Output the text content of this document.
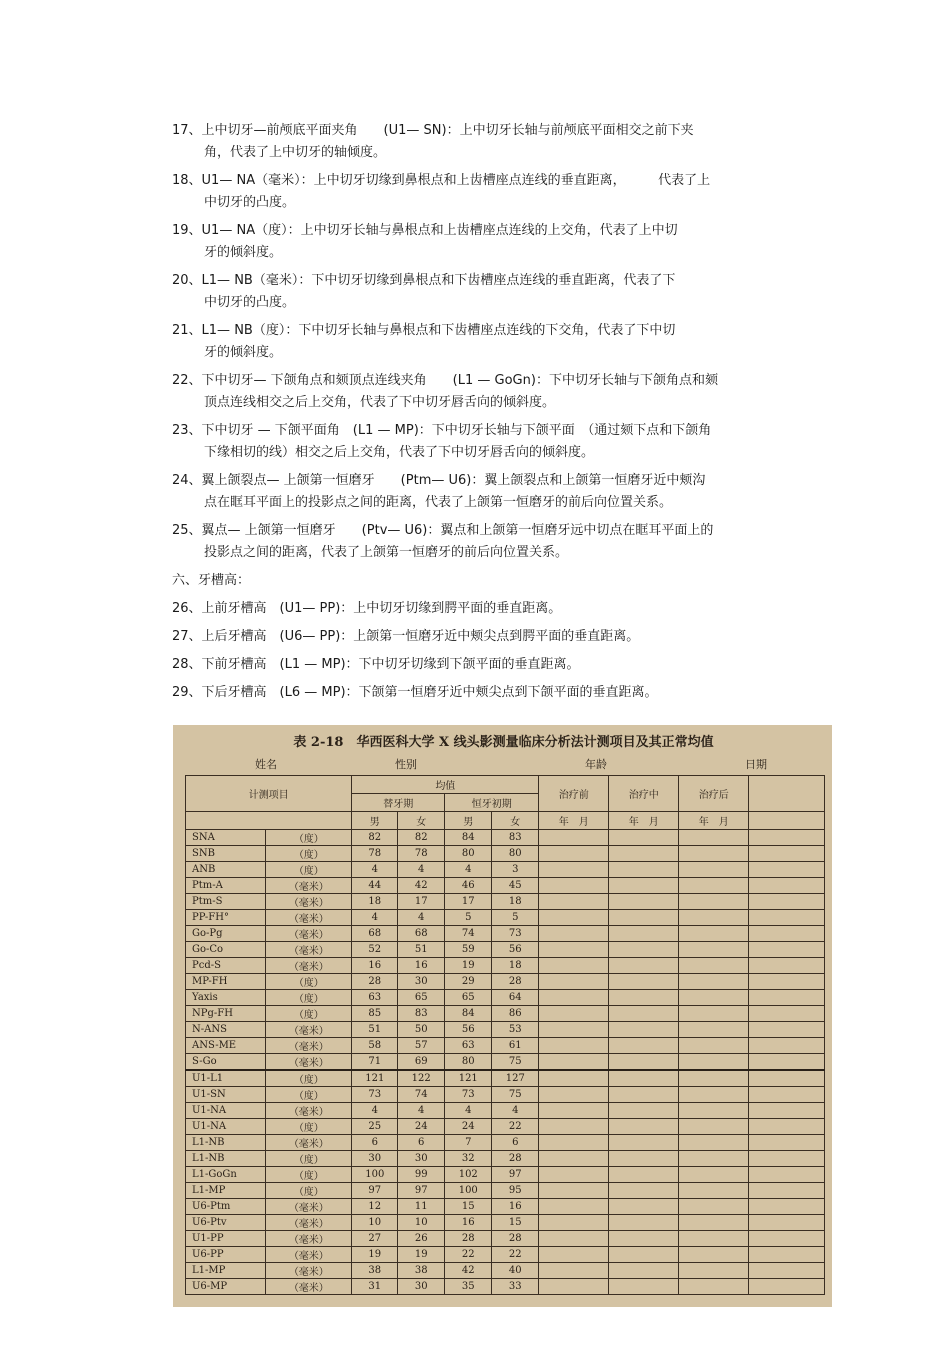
17、上中切牙—前颅底平面夹角　　(U1— SN)：上中切牙长轴与前颅底平面相交之前下夹
角，代表了上中切牙的轴倾度。
18、U1— NA（毫米）：上中切牙切缘到鼻根点和上齿槽座点连线的垂直距离，　　　代表了上
中切牙的凸度。
19、U1— NA（度）：上中切牙长轴与鼻根点和上齿槽座点连线的上交角，代表了上中切
牙的倾斜度。
20、L1— NB（毫米）：下中切牙切缘到鼻根点和下齿槽座点连线的垂直距离，代表了下
中切牙的凸度。
21、L1— NB（度）：下中切牙长轴与鼻根点和下齿槽座点连线的下交角，代表了下中切
牙的倾斜度。
22、下中切牙— 下颌角点和颏顶点连线夹角　　(L1 — GoGn)：下中切牙长轴与下颌角点和颏
顶点连线相交之后上交角，代表了下中切牙唇舌向的倾斜度。
23、下中切牙 — 下颌平面角　(L1 — MP)：下中切牙长轴与下颌平面　（通过颏下点和下颌角
下缘相切的线）相交之后上交角，代表了下中切牙唇舌向的倾斜度。
24、翼上颌裂点— 上颌第一恒磨牙　　(Ptm— U6)：翼上颌裂点和上颌第一恒磨牙近中颊沟
点在眶耳平面上的投影点之间的距离，代表了上颌第一恒磨牙的前后向位置关系。
25、翼点— 上颌第一恒磨牙　　(Ptv— U6)：翼点和上颌第一恒磨牙远中切点在眶耳平面上的
投影点之间的距离，代表了上颌第一恒磨牙的前后向位置关系。
六、牙槽高：
26、上前牙槽高　(U1— PP)：上中切牙切缘到腭平面的垂直距离。
27、上后牙槽高　(U6— PP)：上颌第一恒磨牙近中颊尖点到腭平面的垂直距离。
28、下前牙槽高　(L1 — MP)：下中切牙切缘到下颌平面的垂直距离。
29、下后牙槽高　(L6 — MP)：下颌第一恒磨牙近中颊尖点到下颌平面的垂直距离。
表 2-18　华西医科大学 X 线头影测量临床分析法计测项目及其正常均值
姓名	性别	年龄	日期
计测项目		均值				治疗前	治疗中	治疗后	
		替牙期		恒牙初期					
		男	女	男	女	年　月	年　月	年　月	
SNA	（度）	82	82	84	83				
SNB	（度）	78	78	80	80				
ANB	（度）	4	4	4	3				
Ptm-A	（毫米）	44	42	46	45				
Ptm-S	（毫米）	18	17	17	18				
PP-FH°	（毫米）	4	4	5	5				
Go-Pg	（毫米）	68	68	74	73				
Go-Co	（毫米）	52	51	59	56				
Pcd-S	（毫米）	16	16	19	18				
MP-FH	（度）	28	30	29	28				
Yaxis	（度）	63	65	65	64				
NPg-FH	（度）	85	83	84	86				
N-ANS	（毫米）	51	50	56	53				
ANS-ME	（毫米）	58	57	63	61				
S-Go	（毫米）	71	69	80	75				
U1-L1	（度）	121	122	121	127				
U1-SN	（度）	73	74	73	75				
U1-NA	（毫米）	4	4	4	4				
U1-NA	（度）	25	24	24	22				
L1-NB	（毫米）	6	6	7	6				
L1-NB	（度）	30	30	32	28				
L1-GoGn	（度）	100	99	102	97				
L1-MP	（度）	97	97	100	95				
U6-Ptm	（毫米）	12	11	15	16				
U6-Ptv	（毫米）	10	10	16	15				
U1-PP	（毫米）	27	26	28	28				
U6-PP	（毫米）	19	19	22	22				
L1-MP	（毫米）	38	38	42	40				
U6-MP	（毫米）	31	30	35	33				
